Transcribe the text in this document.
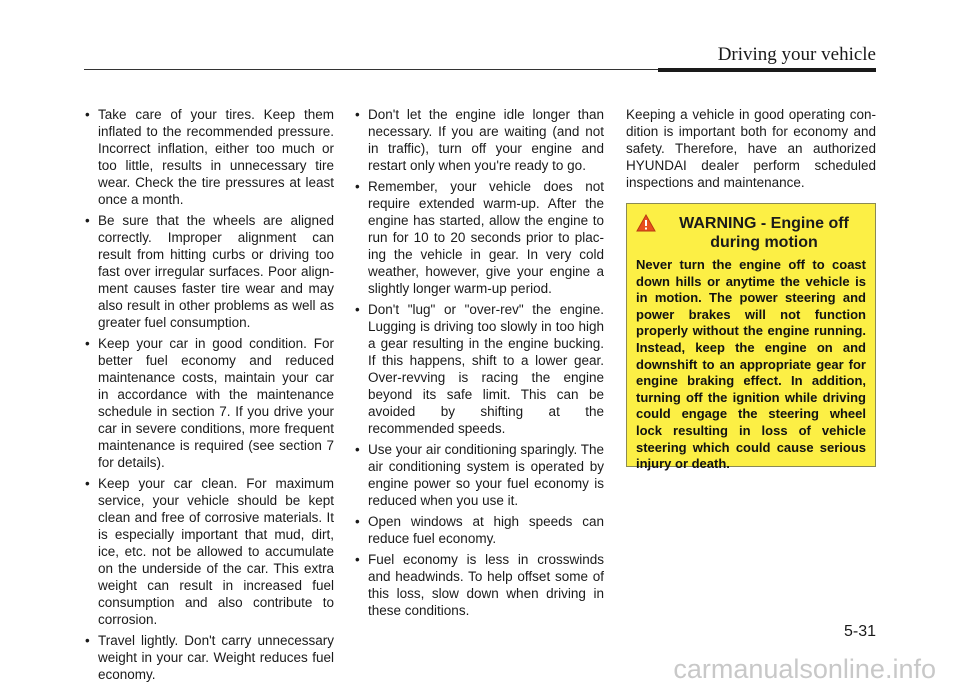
Driving your vehicle
• Take care of your tires. Keep them inflated to the recommended pressure. Incorrect inflation, either too much or too little, results in unnecessary tire wear. Check the tire pressures at least once a month.
• Be sure that the wheels are aligned correctly. Improper alignment can result from hitting curbs or driving too fast over irregular surfaces. Poor alignment causes faster tire wear and may also result in other problems as well as greater fuel consumption.
• Keep your car in good condition. For better fuel economy and reduced maintenance costs, maintain your car in accordance with the maintenance schedule in section 7. If you drive your car in severe conditions, more frequent maintenance is required (see section 7 for details).
• Keep your car clean. For maximum service, your vehicle should be kept clean and free of corrosive materials. It is especially important that mud, dirt, ice, etc. not be allowed to accumulate on the underside of the car. This extra weight can result in increased fuel consumption and also contribute to corrosion.
• Travel lightly. Don't carry unnecessary weight in your car. Weight reduces fuel economy.
• Don't let the engine idle longer than necessary. If you are waiting (and not in traffic), turn off your engine and restart only when you're ready to go.
• Remember, your vehicle does not require extended warm-up. After the engine has started, allow the engine to run for 10 to 20 seconds prior to placing the vehicle in gear. In very cold weather, however, give your engine a slightly longer warm-up period.
• Don't "lug" or "over-rev" the engine. Lugging is driving too slowly in too high a gear resulting in the engine bucking. If this happens, shift to a lower gear. Over-revving is racing the engine beyond its safe limit. This can be avoided by shifting at the recommended speeds.
• Use your air conditioning sparingly. The air conditioning system is operated by engine power so your fuel economy is reduced when you use it.
• Open windows at high speeds can reduce fuel economy.
• Fuel economy is less in crosswinds and headwinds. To help offset some of this loss, slow down when driving in these conditions.

Keeping a vehicle in good operating condition is important both for economy and safety. Therefore, have an authorized HYUNDAI dealer perform scheduled inspections and maintenance.

WARNING - Engine off during motion
Never turn the engine off to coast down hills or anytime the vehicle is in motion. The power steering and power brakes will not function properly without the engine running. Instead, keep the engine on and downshift to an appropriate gear for engine braking effect. In addition, turning off the ignition while driving could engage the steering wheel lock resulting in loss of vehicle steering which could cause serious injury or death.
5-31
carmanualsonline.info
